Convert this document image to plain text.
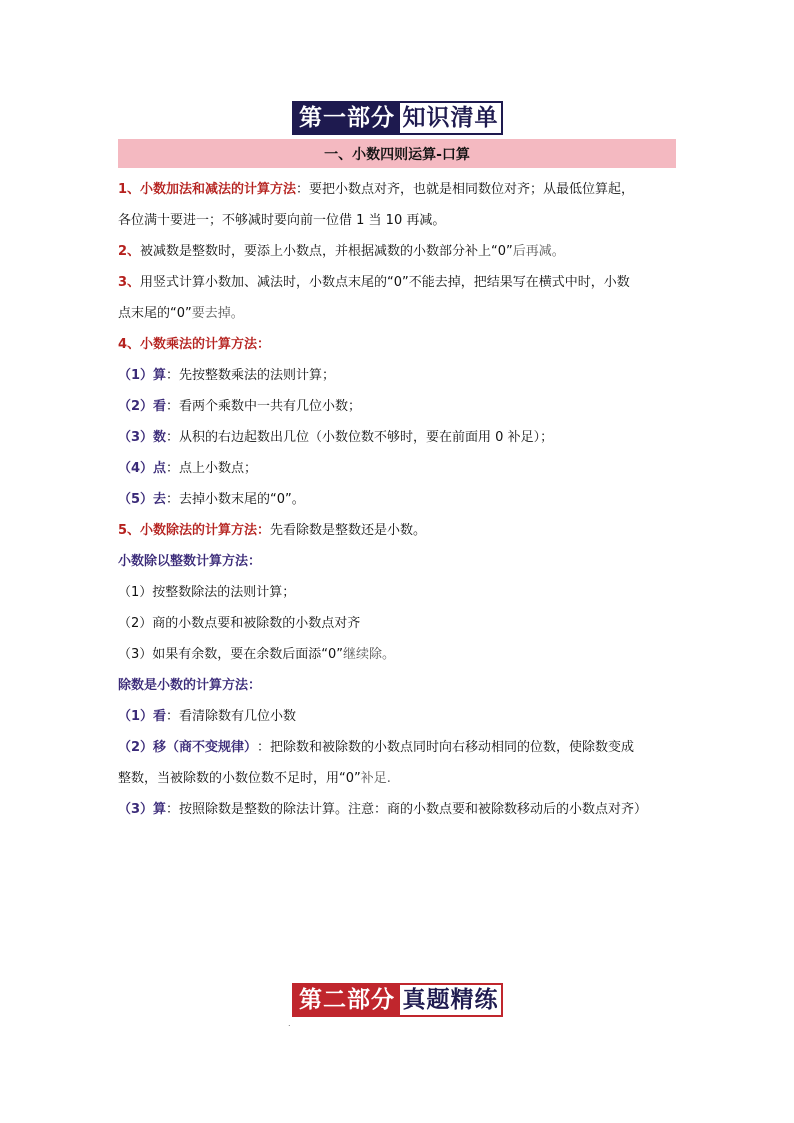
第一部分 知识清单
一、小数四则运算-口算

1、小数加法和减法的计算方法 ：要把小数点对齐，也就是相同数位对齐；从最低位算起，

各位满十要进一；不够减时要向前一位借 1 当 10 再减。

2、 被减数是整数时，要添上小数点，并根据减数的小数部分补上“0” 后再减。

3、 用竖式计算小数加、减法时，小数点末尾的“0”不能去掉，把结果写在横式中时，小数

点末尾的“0” 要去掉。

4、小数乘法的计算方法：

（1）算 ：先按整数乘法的法则计算；

（2）看 ：看两个乘数中一共有几位小数；

（3）数 ：从积的右边起数出几位（小数位数不够时，要在前面用 0 补足）；

（4）点 ：点上小数点；

（5）去 ：去掉小数末尾的“0”。

5、小数除法的计算方法： 先看除数是整数还是小数。

小数除以整数计算方法：

（1）按整数除法的法则计算；

（2）商的小数点要和被除数的小数点对齐

（3）如果有余数，要在余数后面添“0” 继续除。

除数是小数的计算方法：

（1）看 ：看清除数有几位小数

（2）移（商不变规律） ：把除数和被除数的小数点同时向右移动相同的位数，使除数变成

整数，当被除数的小数位数不足时，用“0” 补足.

（3）算 ：按照除数是整数的除法计算。注意：商的小数点要和被除数移动后的小数点对齐）

第二部分 真题精练
.
